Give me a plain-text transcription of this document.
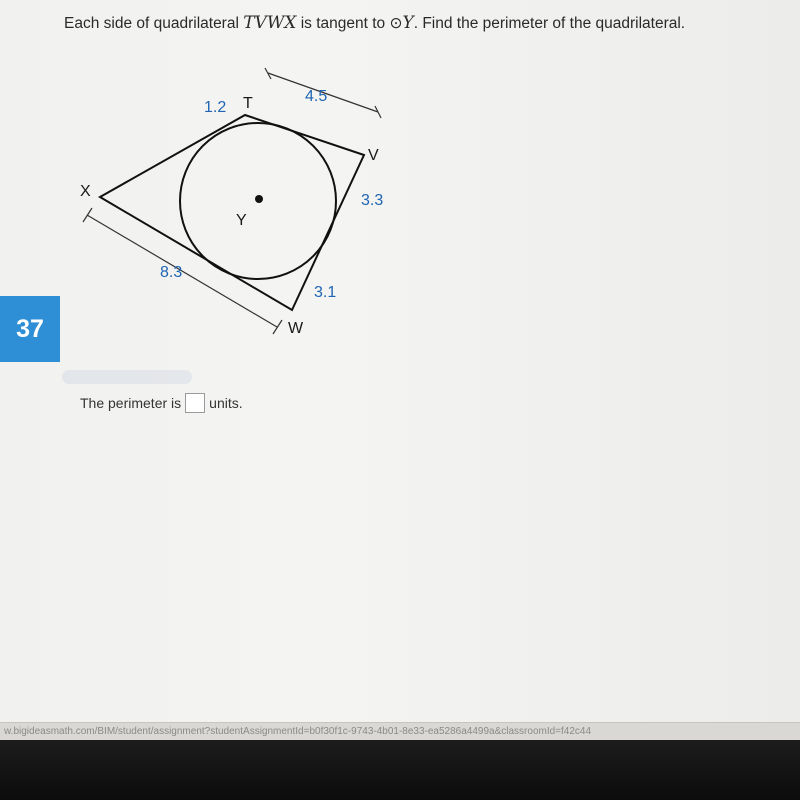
Each side of quadrilateral TVWX is tangent to ⊙Y. Find the perimeter of the quadrilateral.
T
V
W
X
Y
1.2
4.5
3.3
3.1
8.3
37
The perimeter is units.
w.bigideasmath.com/BIM/student/assignment?studentAssignmentId=b0f30f1c-9743-4b01-8e33-ea5286a4499a&classroomId=f42c44
